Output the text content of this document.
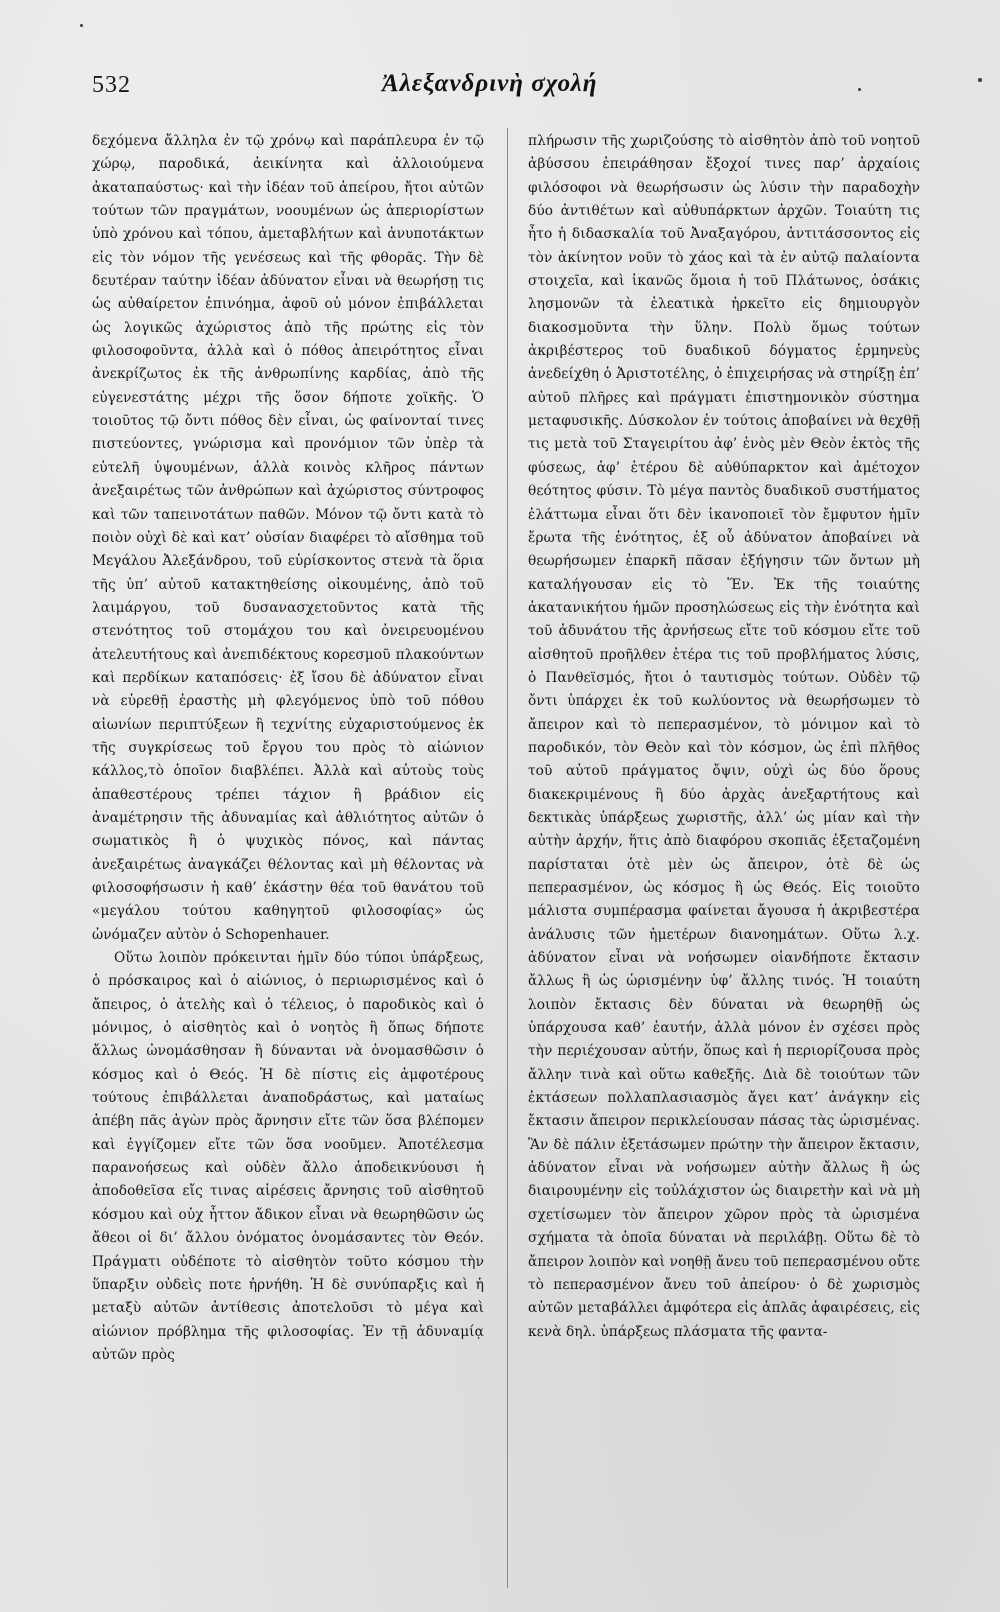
532	Ἀλεξανδρινὴ σχολή

δεχόμενα ἄλληλα ἐν τῷ χρόνῳ καὶ παράπλευρα ἐν τῷ χώρῳ, παροδικά, ἀεικίνητα καὶ ἀλλοιούμενα ἀκαταπαύστως· καὶ τὴν ἰδέαν τοῦ ἀπείρου, ἤτοι αὐτῶν τούτων τῶν πραγμάτων, νοουμένων ὡς ἀπεριορίστων ὑπὸ χρόνου καὶ τόπου, ἀμεταβλήτων καὶ ἀνυποτάκτων εἰς τὸν νόμον τῆς γενέσεως καὶ τῆς φθορᾶς. Τὴν δὲ δευτέραν ταύτην ἰδέαν ἀδύνατον εἶναι νὰ θεωρήσῃ τις ὡς αὐθαίρετον ἐπινόημα, ἀφοῦ οὐ μόνον ἐπιβάλλεται ὡς λογικῶς ἀχώριστος ἀπὸ τῆς πρώτης εἰς τὸν φιλοσοφοῦντα, ἀλλὰ καὶ ὁ πόθος ἀπειρότητος εἶναι ἀνεκρίζωτος ἐκ τῆς ἀνθρωπίνης καρδίας, ἀπὸ τῆς εὐγενεστάτης μέχρι τῆς ὅσον δήποτε χοϊκῆς. Ὁ τοιοῦτος τῷ ὄντι πόθος δὲν εἶναι, ὡς φαίνονταί τινες πιστεύοντες, γνώρισμα καὶ προνόμιον τῶν ὑπὲρ τὰ εὐτελῆ ὑψουμένων, ἀλλὰ κοινὸς κλῆρος πάντων ἀνεξαιρέτως τῶν ἀνθρώπων καὶ ἀχώριστος σύντροφος καὶ τῶν ταπεινοτάτων παθῶν. Μόνον τῷ ὄντι κατὰ τὸ ποιὸν οὐχὶ δὲ καὶ κατ’ οὐσίαν διαφέρει τὸ αἴσθημα τοῦ Μεγάλου Ἀλεξάνδρου, τοῦ εὑρίσκοντος στενὰ τὰ ὅρια τῆς ὑπ’ αὐτοῦ κατακτηθείσης οἰκουμένης, ἀπὸ τοῦ λαιμάργου, τοῦ δυσανασχετοῦντος κατὰ τῆς στενότητος τοῦ στομάχου του καὶ ὀνειρευομένου ἀτελευτήτους καὶ ἀνεπιδέκτους κορεσμοῦ πλακούντων καὶ περδίκων καταπόσεις· ἐξ ἴσου δὲ ἀδύνατον εἶναι νὰ εὑρεθῇ ἐραστὴς μὴ φλεγόμενος ὑπὸ τοῦ πόθου αἰωνίων περιπτύξεων ἢ τεχνίτης εὐχαριστούμενος ἐκ τῆς συγκρίσεως τοῦ ἔργου του πρὸς τὸ αἰώνιον κάλλος,τὸ ὁποῖον διαβλέπει. Ἀλλὰ καὶ αὐτοὺς τοὺς ἀπαθεστέρους τρέπει τάχιον ἢ βράδιον εἰς ἀναμέτρησιν τῆς ἀδυναμίας καὶ ἀθλιότητος αὐτῶν ὁ σωματικὸς ἢ ὁ ψυχικὸς πόνος, καὶ πάντας ἀνεξαιρέτως ἀναγκάζει θέλοντας καὶ μὴ θέλοντας νὰ φιλοσοφήσωσιν ἡ καθ’ ἑκάστην θέα τοῦ θανάτου τοῦ «μεγάλου τούτου καθηγητοῦ φιλοσοφίας» ὡς ὠνόμαζεν αὐτὸν ὁ Schopenhauer.

Οὕτω λοιπὸν πρόκεινται ἡμῖν δύο τύποι ὑπάρξεως, ὁ πρόσκαιρος καὶ ὁ αἰώνιος, ὁ περιωρισμένος καὶ ὁ ἄπειρος, ὁ ἀτελὴς καὶ ὁ τέλειος, ὁ παροδικὸς καὶ ὁ μόνιμος, ὁ αἰσθητὸς καὶ ὁ νοητὸς ἢ ὅπως δήποτε ἄλλως ὠνομάσθησαν ἢ δύνανται νὰ ὀνομασθῶσιν ὁ κόσμος καὶ ὁ Θεός. Ἡ δὲ πίστις εἰς ἀμφοτέρους τούτους ἐπιβάλλεται ἀναποδράστως, καὶ ματαίως ἀπέβη πᾶς ἀγὼν πρὸς ἄρνησιν εἴτε τῶν ὅσα βλέπομεν καὶ ἐγγίζομεν εἴτε τῶν ὅσα νοοῦμεν. Ἀποτέλεσμα παρανοήσεως καὶ οὐδὲν ἄλλο ἀποδεικνύουσι ἡ ἀποδοθεῖσα εἴς τινας αἱρέσεις ἄρνησις τοῦ αἰσθητοῦ κόσμου καὶ οὐχ ἧττον ἄδικον εἶναι νὰ θεωρηθῶσιν ὡς ἄθεοι οἱ δι’ ἄλλου ὀνόματος ὀνομάσαντες τὸν Θεόν. Πράγματι οὐδέποτε τὸ αἰσθητὸν τοῦτο κόσμου τὴν ὕπαρξιν οὐδεὶς ποτε ἠρνήθη. Ἡ δὲ συνύπαρξις καὶ ἡ μεταξὺ αὐτῶν ἀντίθεσις ἀποτελοῦσι τὸ μέγα καὶ αἰώνιον πρόβλημα τῆς φιλοσοφίας. Ἐν τῇ ἀδυναμίᾳ αὐτῶν πρὸς

πλήρωσιν τῆς χωριζούσης τὸ αἰσθητὸν ἀπὸ τοῦ νοητοῦ ἀβύσσου ἐπειράθησαν ἔξοχοί τινες παρ’ ἀρχαίοις φιλόσοφοι νὰ θεωρήσωσιν ὡς λύσιν τὴν παραδοχὴν δύο ἀντιθέτων καὶ αὐθυπάρκτων ἀρχῶν. Τοιαύτη τις ἦτο ἡ διδασκαλία τοῦ Ἀναξαγόρου, ἀντιτάσσοντος εἰς τὸν ἀκίνητον νοῦν τὸ χάος καὶ τὰ ἐν αὐτῷ παλαίοντα στοιχεῖα, καὶ ἱκανῶς ὅμοια ἡ τοῦ Πλάτωνος, ὁσάκις λησμονῶν τὰ ἐλεατικὰ ἠρκεῖτο εἰς δημιουργὸν διακοσμοῦντα τὴν ὕλην. Πολὺ ὅμως τούτων ἀκριβέστερος τοῦ δυαδικοῦ δόγματος ἑρμηνεὺς ἀνεδείχθη ὁ Ἀριστοτέλης, ὁ ἐπιχειρήσας νὰ στηρίξῃ ἐπ’ αὐτοῦ πλῆρες καὶ πράγματι ἐπιστημονικὸν σύστημα μεταφυσικῆς. Δύσκολον ἐν τούτοις ἀποβαίνει νὰ θεχθῇ τις μετὰ τοῦ Σταγειρίτου ἀφ’ ἑνὸς μὲν Θεὸν ἐκτὸς τῆς φύσεως, ἀφ’ ἑτέρου δὲ αὐθύπαρκτον καὶ ἀμέτοχον θεότητος φύσιν. Τὸ μέγα παντὸς δυαδικοῦ συστήματος ἐλάττωμα εἶναι ὅτι δὲν ἱκανοποιεῖ τὸν ἔμφυτον ἡμῖν ἔρωτα τῆς ἑνότητος, ἐξ οὗ ἀδύνατον ἀποβαίνει νὰ θεωρήσωμεν ἐπαρκῆ πᾶσαν ἐξήγησιν τῶν ὄντων μὴ καταλήγουσαν εἰς τὸ Ἕν. Ἐκ τῆς τοιαύτης ἀκατανικήτου ἡμῶν προσηλώσεως εἰς τὴν ἑνότητα καὶ τοῦ ἀδυνάτου τῆς ἀρνήσεως εἴτε τοῦ κόσμου εἴτε τοῦ αἰσθητοῦ προῆλθεν ἑτέρα τις τοῦ προβλήματος λύσις, ὁ Πανθεϊσμός, ἤτοι ὁ ταυτισμὸς τούτων. Οὐδὲν τῷ ὄντι ὑπάρχει ἐκ τοῦ κωλύοντος νὰ θεωρήσωμεν τὸ ἄπειρον καὶ τὸ πεπερασμένον, τὸ μόνιμον καὶ τὸ παροδικόν, τὸν Θεὸν καὶ τὸν κόσμον, ὡς ἐπὶ πλῆθος τοῦ αὐτοῦ πράγματος ὄψιν, οὐχὶ ὡς δύο ὅρους διακεκριμένους ἢ δύο ἀρχὰς ἀνεξαρτήτους καὶ δεκτικὰς ὑπάρξεως χωριστῆς, ἀλλ’ ὡς μίαν καὶ τὴν αὐτὴν ἀρχήν, ἥτις ἀπὸ διαφόρου σκοπιᾶς ἐξεταζομένη παρίσταται ὁτὲ μὲν ὡς ἄπειρον, ὁτὲ δὲ ὡς πεπερασμένον, ὡς κόσμος ἢ ὡς Θεός. Εἰς τοιοῦτο μάλιστα συμπέρασμα φαίνεται ἄγουσα ἡ ἀκριβεστέρα ἀνάλυσις τῶν ἡμετέρων διανοημάτων. Οὕτω λ.χ. ἀδύνατον εἶναι νὰ νοήσωμεν οἱανδήποτε ἔκτασιν ἄλλως ἢ ὡς ὡρισμένην ὑφ’ ἄλλης τινός. Ἡ τοιαύτη λοιπὸν ἔκτασις δὲν δύναται νὰ θεωρηθῇ ὡς ὑπάρχουσα καθ’ ἑαυτήν, ἀλλὰ μόνον ἐν σχέσει πρὸς τὴν περιέχουσαν αὐτήν, ὅπως καὶ ἡ περιορίζουσα πρὸς ἄλλην τινὰ καὶ οὕτω καθεξῆς. Διὰ δὲ τοιούτων τῶν ἐκτάσεων πολλαπλασιασμὸς ἄγει κατ’ ἀνάγκην εἰς ἔκτασιν ἄπειρον περικλείουσαν πάσας τὰς ὡρισμένας. Ἂν δὲ πάλιν ἐξετάσωμεν πρώτην τὴν ἄπειρον ἔκτασιν, ἀδύνατον εἶναι νὰ νοήσωμεν αὐτὴν ἄλλως ἢ ὡς διαιρουμένην εἰς τοὐλάχιστον ὡς διαιρετὴν καὶ νὰ μὴ σχετίσωμεν τὸν ἄπειρον χῶρον πρὸς τὰ ὡρισμένα σχήματα τὰ ὁποῖα δύναται νὰ περιλάβῃ. Οὕτω δὲ τὸ ἄπειρον λοιπὸν καὶ νοηθῇ ἄνευ τοῦ πεπερασμένου οὔτε τὸ πεπερασμένον ἄνευ τοῦ ἀπείρου· ὁ δὲ χωρισμὸς αὐτῶν μεταβάλλει ἀμφότερα εἰς ἁπλᾶς ἀφαιρέσεις, εἰς κενὰ δηλ. ὑπάρξεως πλάσματα τῆς φαντα-
